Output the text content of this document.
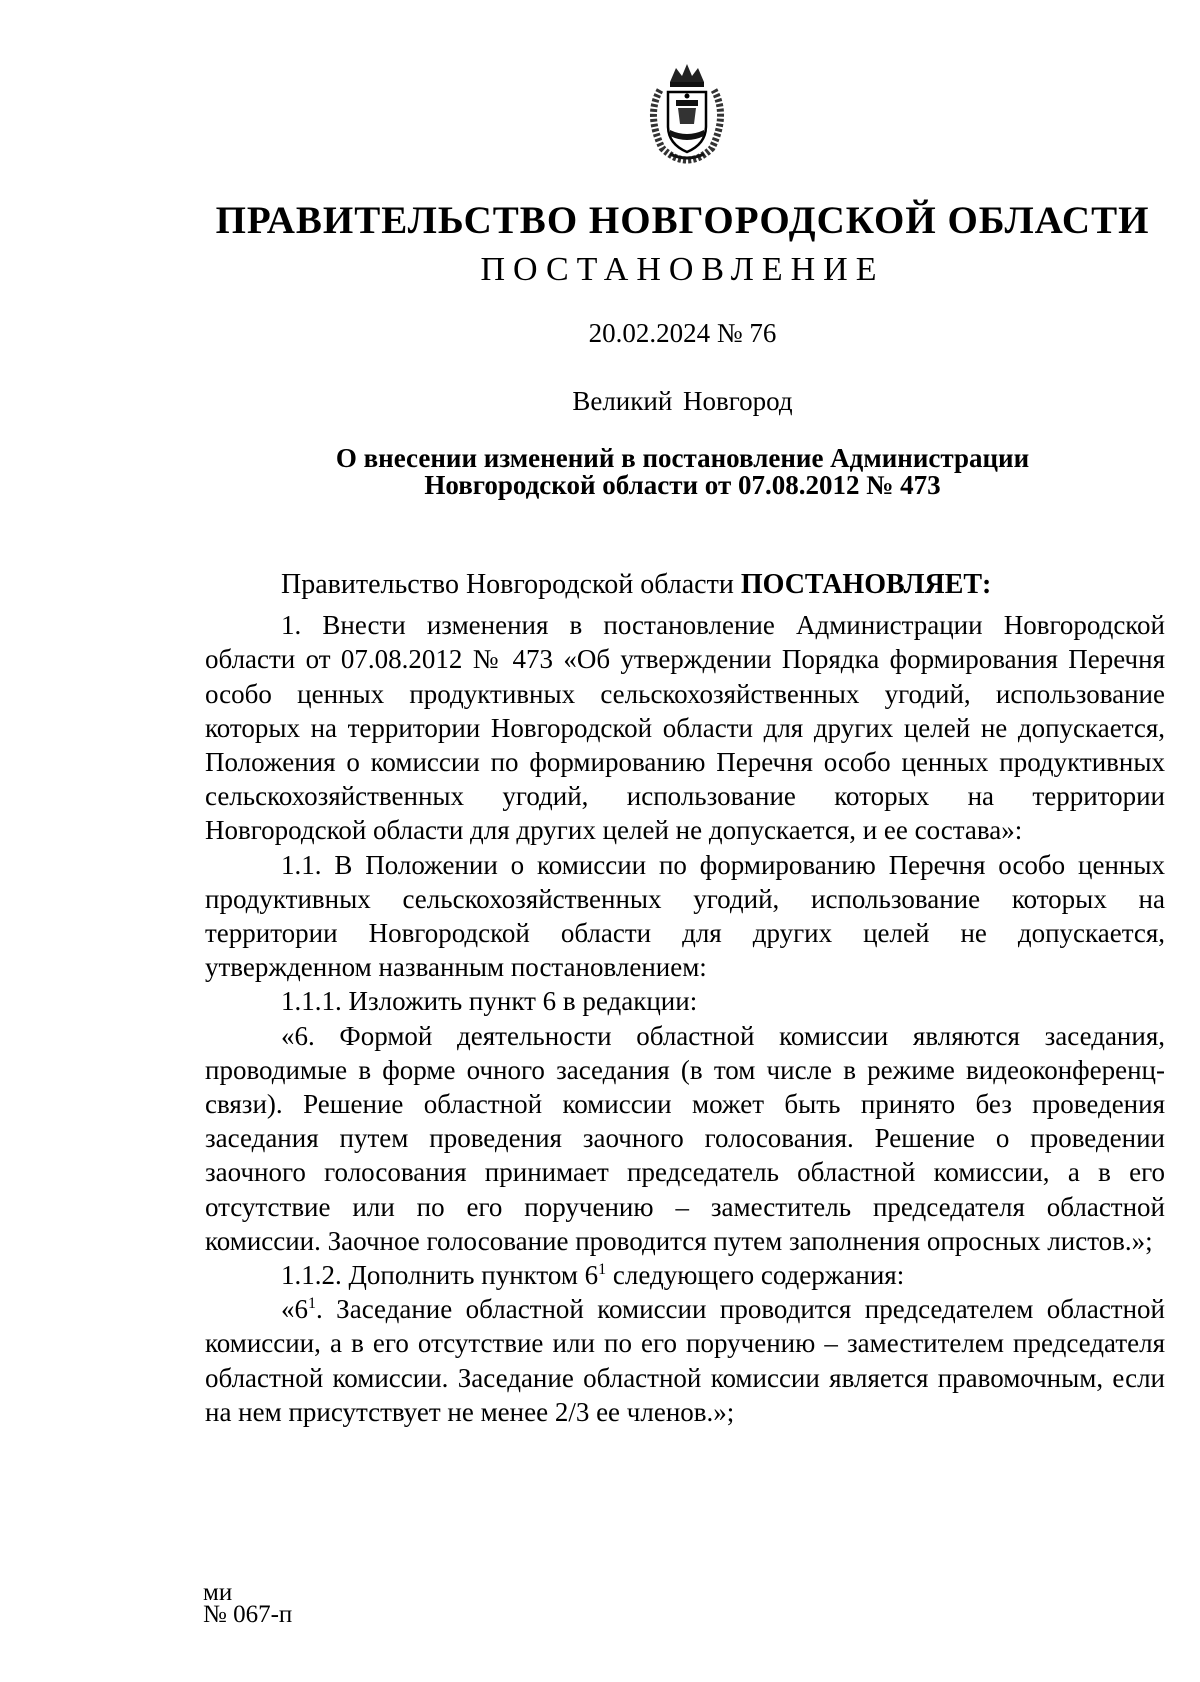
ПРАВИТЕЛЬСТВО НОВГОРОДСКОЙ ОБЛАСТИ
ПОСТАНОВЛЕНИЕ
20.02.2024 № 76
Великий Новгород
О внесении изменений в постановление Администрации
Новгородской области от 07.08.2012 № 473

Правительство Новгородской области ПОСТАНОВЛЯЕТ:

1. Внести изменения в постановление Администрации Новгородской области от 07.08.2012 № 473 «Об утверждении Порядка формирования Перечня особо ценных продуктивных сельскохозяйственных угодий, использование которых на территории Новгородской области для других целей не допускается, Положения о комиссии по формированию Перечня особо ценных продуктивных сельскохозяйственных угодий, использование которых на территории Новгородской области для других целей не допускается, и ее состава»:

1.1. В Положении о комиссии по формированию Перечня особо ценных продуктивных сельскохозяйственных угодий, использование которых на территории Новгородской области для других целей не допускается, утвержденном названным постановлением:

1.1.1. Изложить пункт 6 в редакции:

«6. Формой деятельности областной комиссии являются заседания, проводимые в форме очного заседания (в том числе в режиме видеоконференц-связи). Решение областной комиссии может быть принято без проведения заседания путем проведения заочного голосования. Решение о проведении заочного голосования принимает председатель областной комиссии, а в его отсутствие или по его поручению – заместитель председателя областной комиссии. Заочное голосование проводится путем заполнения опросных листов.»;

1.1.2. Дополнить пунктом $6^1$ следующего содержания:

«$6^1$. Заседание областной комиссии проводится председателем областной комиссии, а в его отсутствие или по его поручению – заместителем председателя областной комиссии. Заседание областной комиссии является правомочным, если на нем присутствует не менее 2/3 ее членов.»;

ми
№ 067-п
